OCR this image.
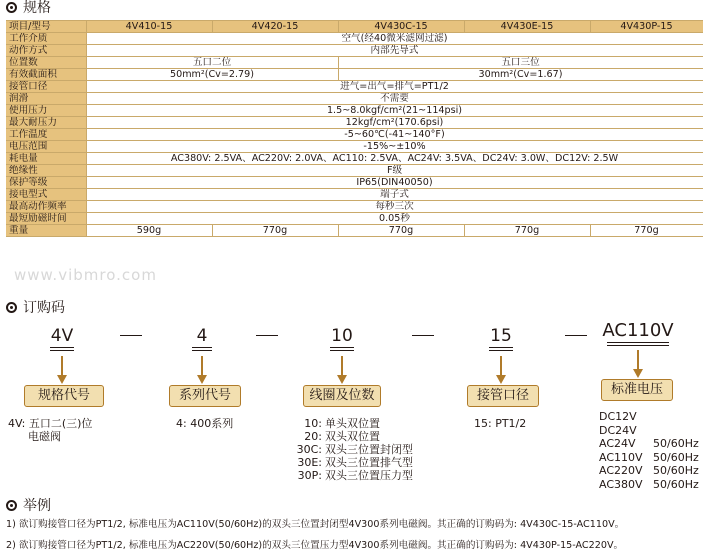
规格
项目/型号	4V410-15	4V420-15	4V430C-15	4V430E-15	4V430P-15
工作介质	空气(经40微米滤网过滤)				
动作方式	内部先导式				
位置数	五口二位		五口三位		
有效截面积	50mm²(Cv=2.79)		30mm²(Cv=1.67)		
接管口径	进气=出气=排气=PT1/2				
润滑	不需要				
使用压力	1.5~8.0kgf/cm²(21~114psi)				
最大耐压力	12kgf/cm²(170.6psi)				
工作温度	-5~60℃(-41~140°F)				
电压范围	-15%~±10%				
耗电量	AC380V: 2.5VA、AC220V: 2.0VA、AC110: 2.5VA、AC24V: 3.5VA、DC24V: 3.0W、DC12V: 2.5W				
绝缘性	F级				
保护等级	IP65(DIN40050)				
接电型式	端子式				
最高动作频率	每秒三次				
最短励磁时间	0.05秒				
重量	590g	770g	770g	770g	770g
www.vibmro.com
订购码
4V	4	10	15	AC110V
规格代号	系列代号	线圈及位数	接管口径	标准电压
4V: 五口二(三)位
电磁阀
4: 400系列	10: 单头双位置
20: 双头双位置
30C: 双头三位置封闭型
30E: 双头三位置排气型
30P: 双头三位置压力型
15: PT1/2
DC12V
DC24V
AC24V	50/60Hz
AC110V 50/60Hz
AC220V 50/60Hz
AC380V 50/60Hz
举例
1) 欲订购接管口径为PT1/2, 标准电压为AC110V(50/60Hz)的双头三位置封闭型4V300系列电磁阀。其正确的订购码为: 4V430C-15-AC110V。
2) 欲订购接管口径为PT1/2, 标准电压为AC220V(50/60Hz)的双头三位置压力型4V300系列电磁阀。其正确的订购码为: 4V430P-15-AC220V。
